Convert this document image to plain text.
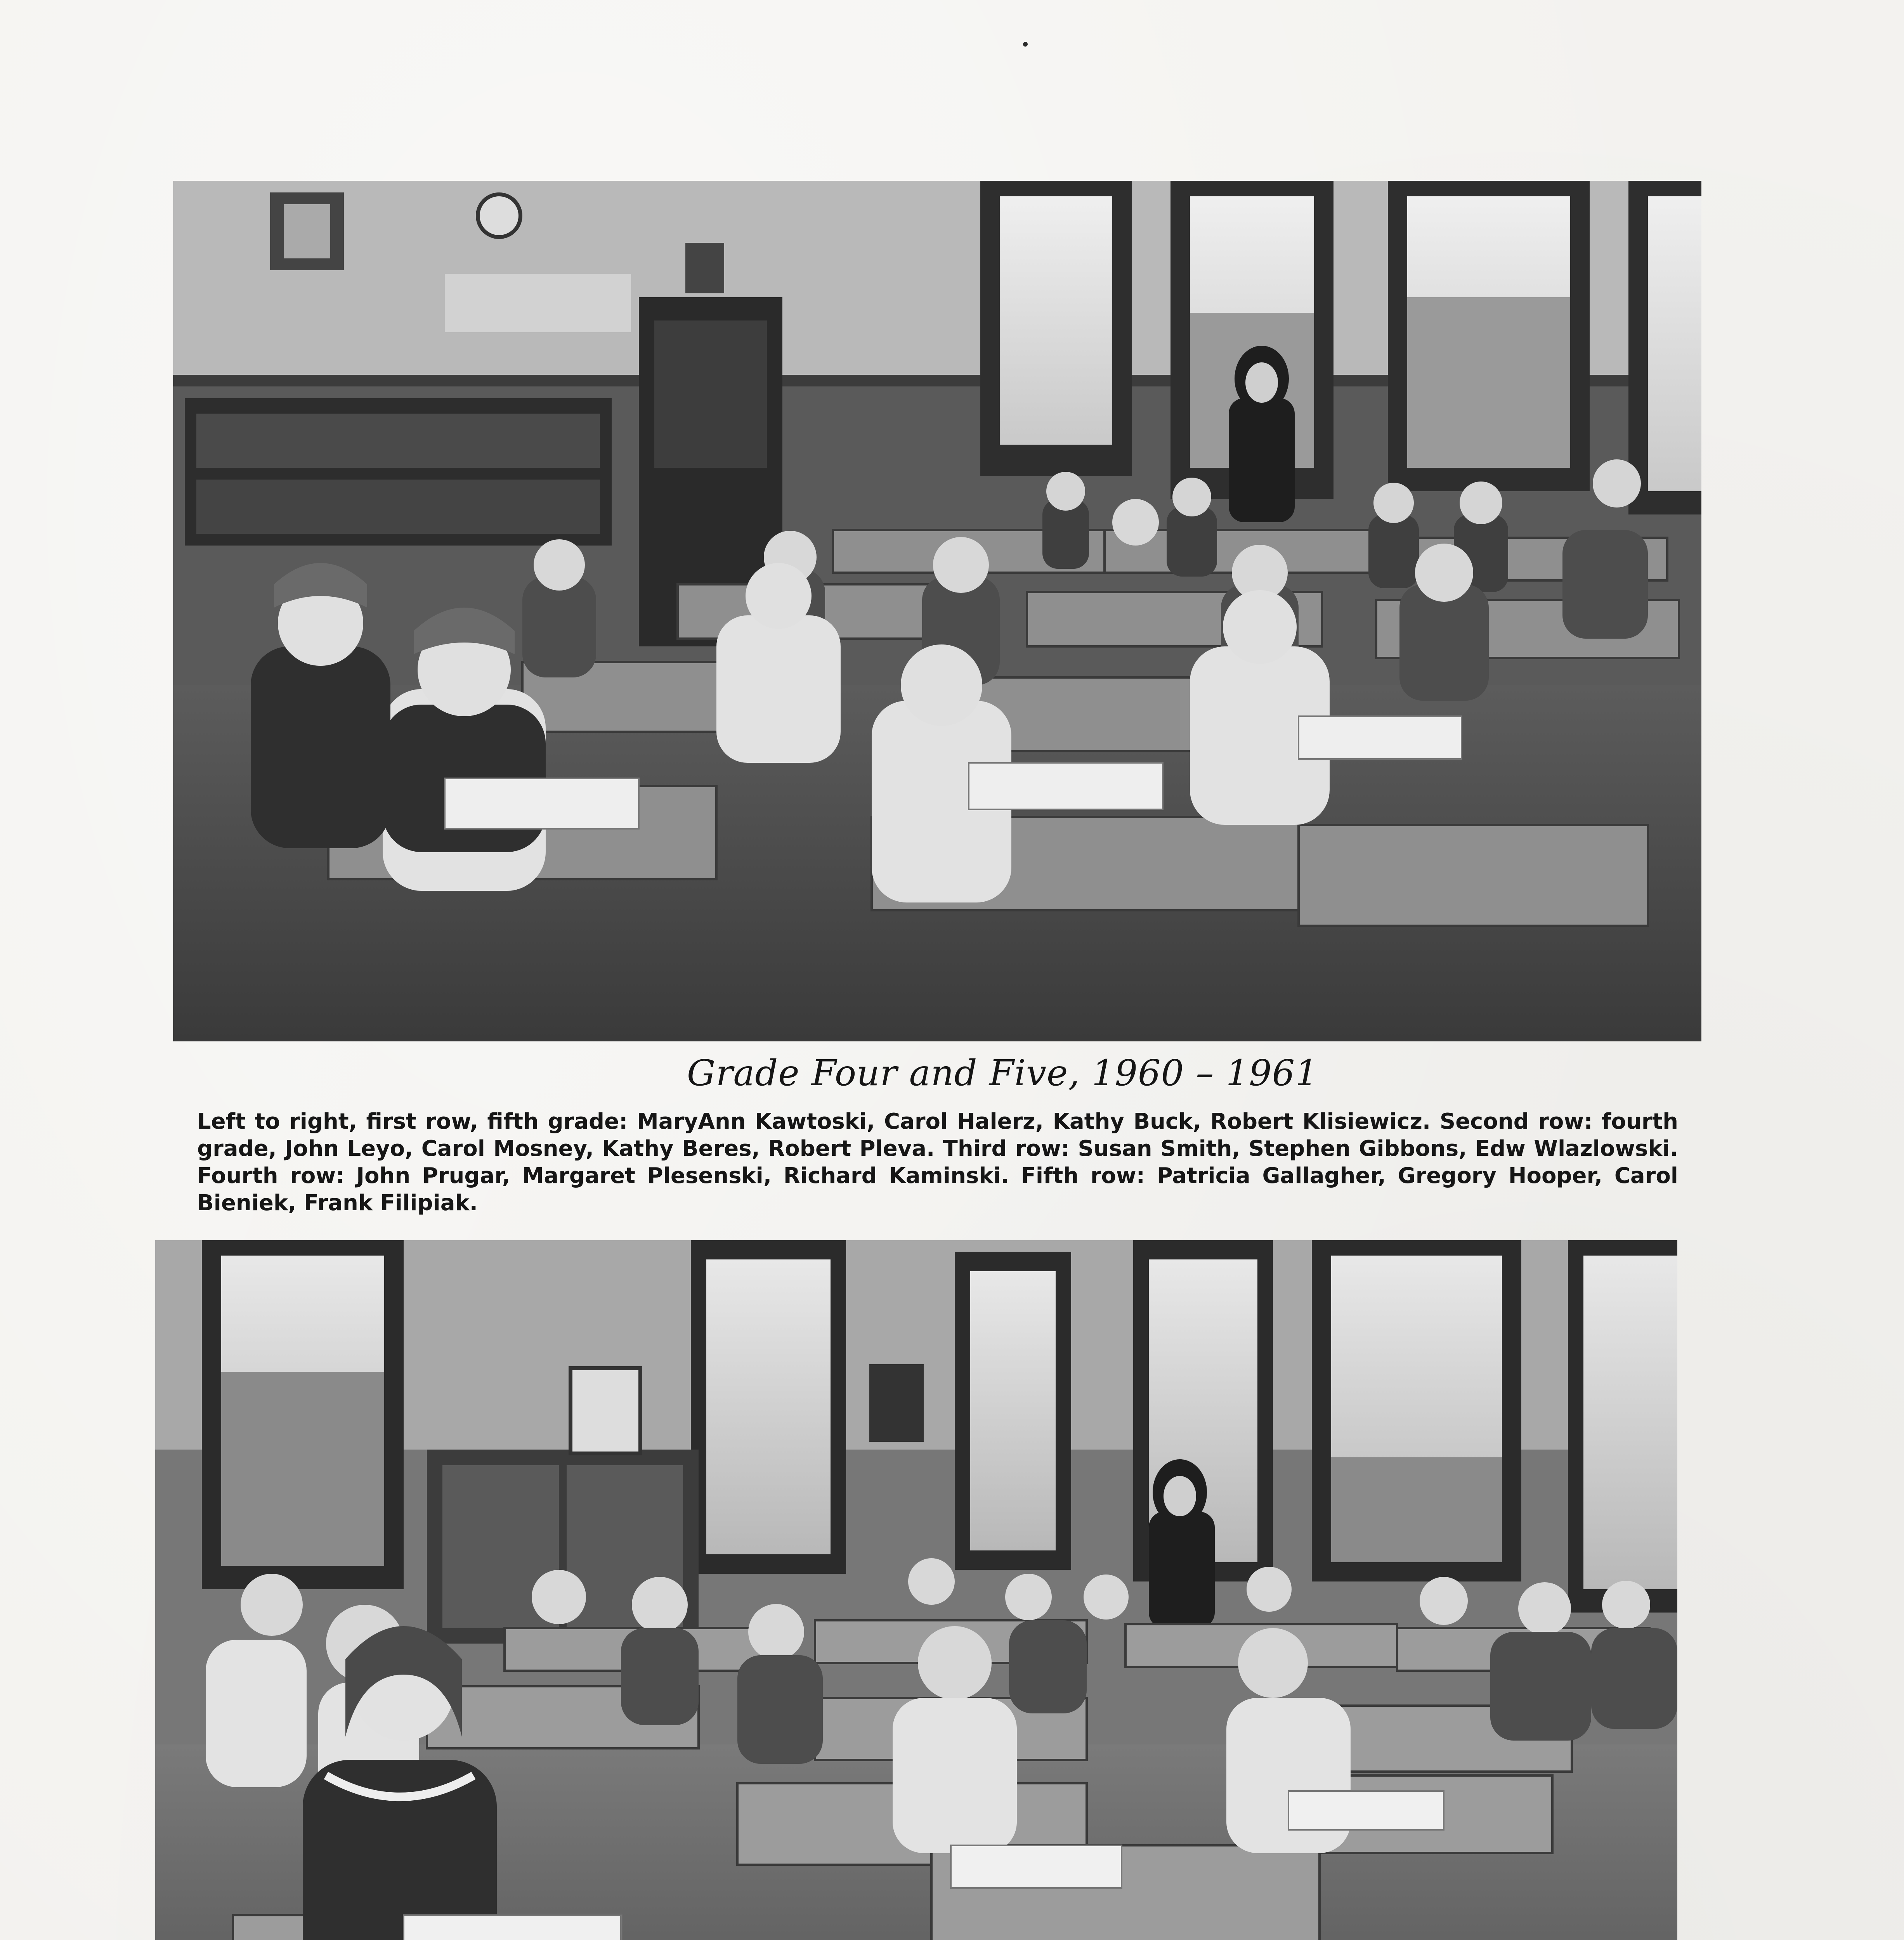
Grade Four and Five, 1960 – 1961

Left to right, first row, fifth grade: MaryAnn Kawtoski, Carol Halerz, Kathy Buck, Robert Klisiewicz. Second row: fourth grade, John Leyo, Carol Mosney, Kathy Beres, Robert Pleva. Third row: Susan Smith, Stephen Gibbons, Edw Wlazlowski. Fourth row: John Prugar, Margaret Plesenski, Richard Kaminski. Fifth row: Patricia Gallagher, Gregory Hooper, Carol Bieniek, Frank Filipiak.
